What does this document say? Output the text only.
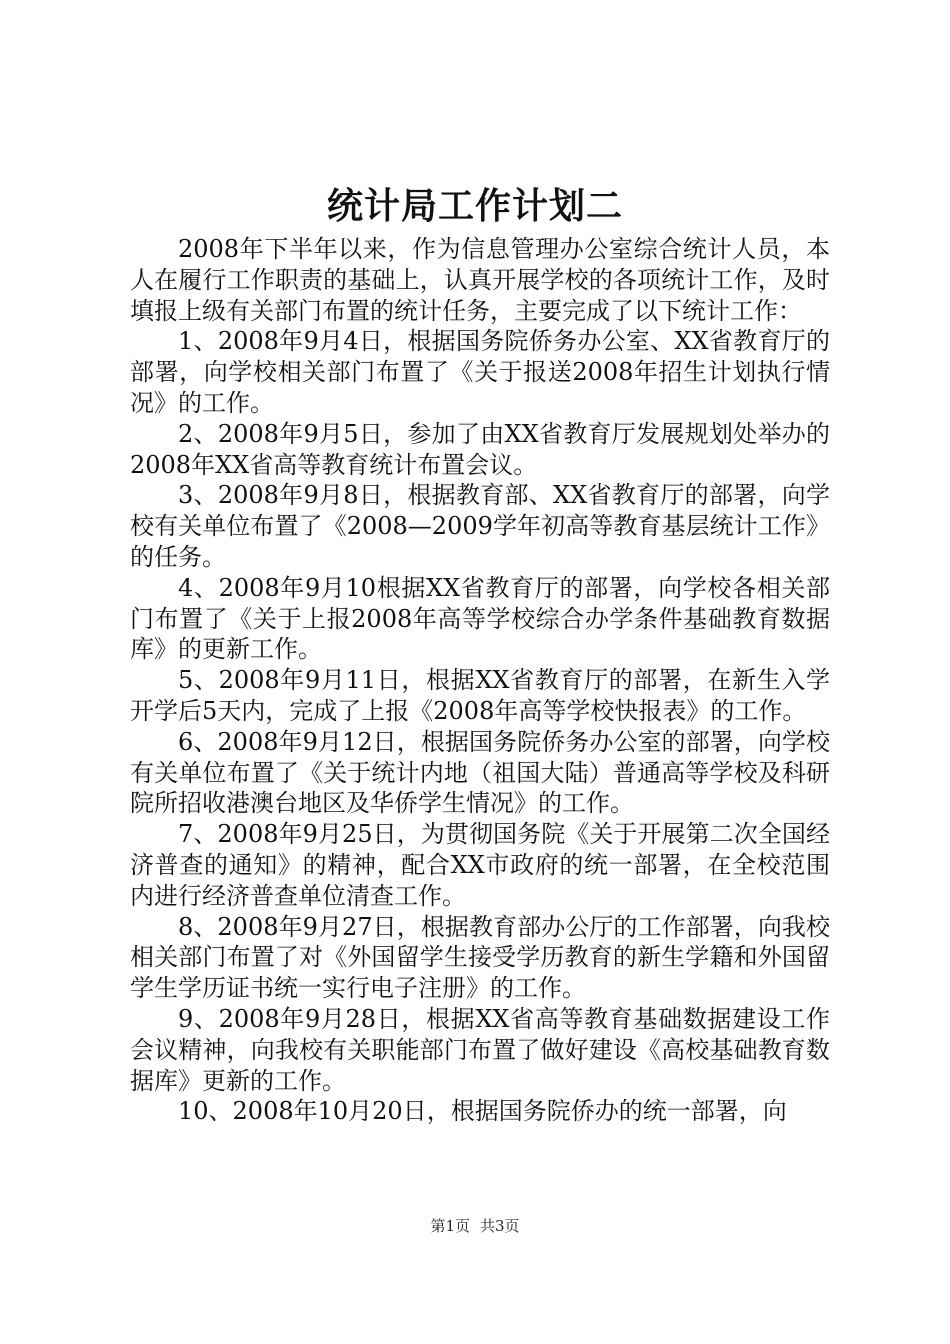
统计局工作计划二

2008年下半年以来，作为信息管理办公室综合统计人员，本人在履行工作职责的基础上，认真开展学校的各项统计工作，及时填报上级有关部门布置的统计任务，主要完成了以下统计工作：

1、2008年9月4日，根据国务院侨务办公室、XX省教育厅的部署，向学校相关部门布置了《关于报送2008年招生计划执行情况》的工作。

2、2008年9月5日，参加了由XX省教育厅发展规划处举办的2008年XX省高等教育统计布置会议。

3、2008年9月8日，根据教育部、XX省教育厅的部署，向学校有关单位布置了《2008—2009学年初高等教育基层统计工作》的任务。

4、2008年9月10根据XX省教育厅的部署，向学校各相关部门布置了《关于上报2008年高等学校综合办学条件基础教育数据库》的更新工作。

5、2008年9月11日，根据XX省教育厅的部署，在新生入学开学后5天内，完成了上报《2008年高等学校快报表》的工作。

6、2008年9月12日，根据国务院侨务办公室的部署，向学校有关单位布置了《关于统计内地（祖国大陆）普通高等学校及科研院所招收港澳台地区及华侨学生情况》的工作。

7、2008年9月25日，为贯彻国务院《关于开展第二次全国经济普查的通知》的精神，配合XX市政府的统一部署，在全校范围内进行经济普查单位清查工作。

8、2008年9月27日，根据教育部办公厅的工作部署，向我校相关部门布置了对《外国留学生接受学历教育的新生学籍和外国留学生学历证书统一实行电子注册》的工作。

9、2008年9月28日，根据XX省高等教育基础数据建设工作会议精神，向我校有关职能部门布置了做好建设《高校基础教育数据库》更新的工作。

10、2008年10月20日，根据国务院侨办的统一部署，向

第1页 共3页
